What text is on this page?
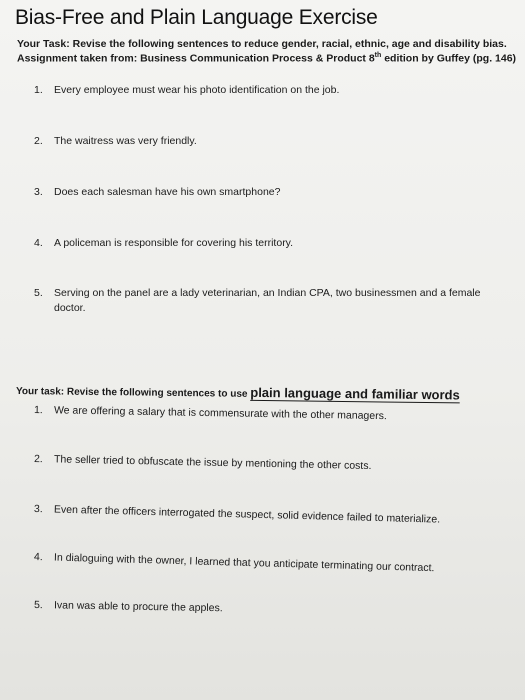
Bias-Free and Plain Language Exercise
Your Task: Revise the following sentences to reduce gender, racial, ethnic, age and disability bias.
Assignment taken from: Business Communication Process & Product 8th edition by Guffey (pg. 146)
1. Every employee must wear his photo identification on the job.
2. The waitress was very friendly.
3. Does each salesman have his own smartphone?
4. A policeman is responsible for covering his territory.
5. Serving on the panel are a lady veterinarian, an Indian CPA, two businessmen and a female doctor.
Your task: Revise the following sentences to use plain language and familiar words
1. We are offering a salary that is commensurate with the other managers.
2. The seller tried to obfuscate the issue by mentioning the other costs.
3. Even after the officers interrogated the suspect, solid evidence failed to materialize.
4. In dialoguing with the owner, I learned that you anticipate terminating our contract.
5. Ivan was able to procure the apples.
